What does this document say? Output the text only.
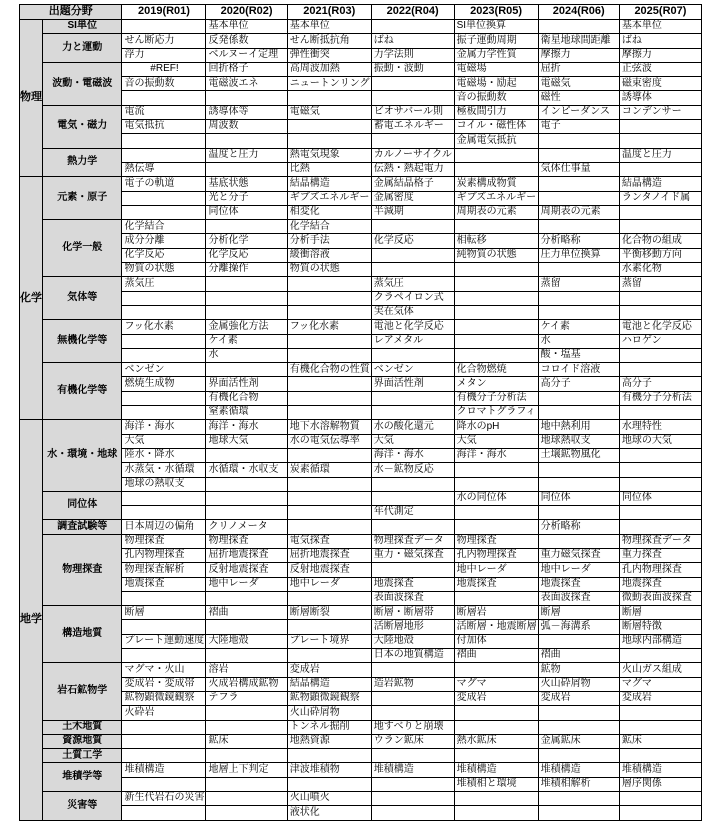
出題分野		2019(R01)	2020(R02)	2021(R03)	2022(R04)	2023(R05)	2024(R06)	2025(R07)
物理	SI単位		基本単位	基本単位		SI単位換算		基本単位
	力と運動	せん断応力	反発係数	せん断抵抗角	ばね	振子運動周期	衛星地球間距離	ばね
		浮力	ベルヌーイ定理	弾性衝突	力学法則	金属力学性質	摩擦力	摩擦力
	波動・電磁波	#REF!	回折格子	高周波加熱	振動・波動	電磁場	屈折	正弦波
		音の振動数	電磁波エネ	ニュートンリング		電磁場・励起	電磁気	磁束密度
						音の振動数	磁性	誘導体
	電気・磁力	電流	誘導体等	電磁気	ビオサバール則	極板間引力	インピーダンス	コンデンサー
		電気抵抗	周波数		蓄電エネルギー	コイル・磁性体	電子	
						金属電気抵抗		
	熱力学		温度と圧力	熱電気現象	カルノーサイクル			温度と圧力
		熱伝導		比熱	伝熱・熱起電力		気体仕事量	
化学	元素・原子	電子の軌道	基底状態	結晶構造	金属結晶格子	炭素構成物質		結晶構造
			光と分子	ギブズエネルギー	金属密度	ギブズエネルギー		ランタノイド属
			同位体	相変化	半減期	周期表の元素	周期表の元素	
	化学一般	化学結合		化学結合				
		成分分離	分析化学	分析手法	化学反応	相転移	分析略称	化合物の組成
		化学反応	化学反応	緩衝溶液		純物質の状態	圧力単位換算	平衡移動方向
		物質の状態	分離操作	物質の状態				水素化物
	気体等	蒸気圧			蒸気圧		蒸留	蒸留
					クラペイロン式			
					実在気体			
	無機化学等	フッ化水素	金属強化方法	フッ化水素	電池と化学反応		ケイ素	電池と化学反応
			ケイ素		レアメタル		水	ハロゲン
			水				酸・塩基	
	有機化学等	ベンゼン		有機化合物の性質	ベンゼン	化合物燃焼	コロイド溶液	
		燃焼生成物	界面活性剤		界面活性剤	メタン	高分子	高分子
			有機化合物			有機分子分析法		有機分子分析法
			窒素循環			クロマトグラフィ		
地学	水・環境・地球	海洋・海水	海洋・海水	地下水溶解物質	水の酸化還元	降水のpH	地中熱利用	水理特性
		大気	地球大気	水の電気伝導率	大気	大気	地球熱収支	地球の大気
		陸水・降水			海洋・海水	海洋・海水	土壌鉱物風化	
		水蒸気・水循環	水循環・水収支	炭素循環	水－鉱物反応			
		地球の熱収支						
	同位体					水の同位体	同位体	同位体
					年代測定			
	調査試験等	日本周辺の偏角	クリノメータ				分析略称	
	物理探査	物理探査	物理探査	電気探査	物理探査データ	物理探査		物理探査データ
		孔内物理探査	屈折地震探査	屈折地震探査	重力・磁気探査	孔内物理探査	重力磁気探査	重力探査
		物理探査解析	反射地震探査	反射地震探査		地中レーダ	地中レーダ	孔内物理探査
		地震探査	地中レーダ	地中レーダ	地震探査	地震探査	地震探査	地震探査
					表面波探査		表面波探査	微動表面波探査
	構造地質	断層	褶曲	断層断裂	断層・断層帯	断層岩	断層	断層
					活断層地形	活断層・地震断層	弧－海溝系	断層特徴
		プレート運動速度	大陸地殻	プレート境界	大陸地殻	付加体		地球内部構造
					日本の地質構造	褶曲	褶曲	
	岩石鉱物学	マグマ・火山	溶岩	変成岩			鉱物	火山ガス組成
		変成岩・変成帯	火成岩構成鉱物	結晶構造	造岩鉱物	マグマ	火山砕屑物	マグマ
		鉱物顕微鏡観察	テフラ	鉱物顕微鏡観察		変成岩	変成岩	変成岩
		火砕岩		火山砕屑物				
	土木地質			トンネル掘削	地すべりと崩壊			
	資源地質		鉱床	地熱資源	ウラン鉱床	熱水鉱床	金属鉱床	鉱床
	土質工学							
	堆積学等	堆積構造	地層上下判定	津波堆積物	堆積構造	堆積構造	堆積構造	堆積構造
						堆積相と環境	堆積相解析	層序関係
	災害等	新生代岩石の災害		火山噴火				
				液状化				
